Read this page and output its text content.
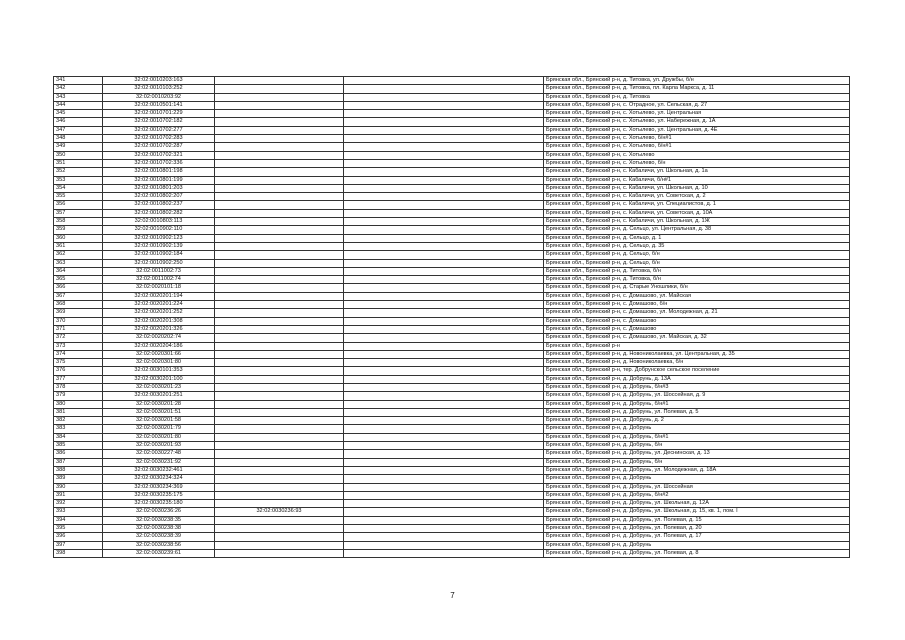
341	32:02:0010203:163			Брянская обл., Брянский р-н, д. Титовка, ул. Дружбы, б/н
342	32:02:0010103:252			Брянская обл., Брянский р-н, д. Титовка, пл. Карла Маркса, д. 11
343	32:02:0010203:92			Брянская обл., Брянский р-н, д. Титовка
344	32:02:0010501:141			Брянская обл., Брянский р-н, с. Отрадное, ул. Сельская, д. 27
345	32:02:0010701:229			Брянская обл., Брянский р-н, с. Хотылево, ул. Центральная
346	32:02:0010702:182			Брянская обл., Брянский р-н, с. Хотылево, ул. Набережная, д. 1А
347	32:02:0010702:277			Брянская обл., Брянский р-н, с. Хотылево, ул. Центральная, д. 4Е
348	32:02:0010702:283			Брянская обл., Брянский р-н, с. Хотылево, б/н#1
349	32:02:0010702:287			Брянская обл., Брянский р-н, с. Хотылево, б/н#1
350	32:02:0010702:321			Брянская обл., Брянский р-н, с. Хотылево
351	32:02:0010702:336			Брянская обл., Брянский р-н, с. Хотылево, б/н
352	32:02:0010801:198			Брянская обл., Брянский р-н, с. Кабаличи, ул. Школьная, д. 1а
353	32:02:0010801:199			Брянская обл., Брянский р-н, с. Кабаличи, б/н#1
354	32:02:0010801:203			Брянская обл., Брянский р-н, с. Кабаличи, ул. Школьная, д. 10
355	32:02:0010802:207			Брянская обл., Брянский р-н, с. Кабаличи, ул. Советская, д. 2
356	32:02:0010802:237			Брянская обл., Брянский р-н, с. Кабаличи, ул. Специалистов, д. 1
357	32:02:0010802:282			Брянская обл., Брянский р-н, с. Кабаличи, ул. Советская, д. 10А
358	32:02:0010803:113			Брянская обл., Брянский р-н, с. Кабаличи, ул. Школьная, д. 1Ж
359	32:02:0010902:110			Брянская обл., Брянский р-н, д. Сельцо, ул. Центральная, д. 38
360	32:02:0010902:123			Брянская обл., Брянский р-н, д. Сельцо, д. 1
361	32:02:0010902:139			Брянская обл., Брянский р-н, д. Сельцо, д. 35
362	32:02:0010902:184			Брянская обл., Брянский р-н, д. Сельцо, б/н
363	32:02:0010902:250			Брянская обл., Брянский р-н, д. Сельцо, б/н
364	32:02:0011002:73			Брянская обл., Брянский р-н, д. Титовка, б/н
365	32:02:0011002:74			Брянская обл., Брянский р-н, д. Титовка, б/н
366	32:02:0020101:18			Брянская обл., Брянский р-н, д. Старые Уношлики, б/н
367	32:02:0020201:194			Брянская обл., Брянский р-н, с. Домашово, ул. Майская
368	32:02:0020201:224			Брянская обл., Брянский р-н, с. Домашово, б/н
369	32:02:0020201:252			Брянская обл., Брянский р-н, с. Домашово, ул. Молодежная, д. 21
370	32:02:0020201:308			Брянская обл., Брянский р-н, с. Домашово
371	32:02:0020201:326			Брянская обл., Брянский р-н, с. Домашово
372	32:02:0020202:74			Брянская обл., Брянский р-н, с. Домашово, ул. Майская, д. 32
373	32:02:0020204:186			Брянская обл., Брянский р-н
374	32:02:0020301:66			Брянская обл., Брянский р-н, д. Новониколаевка, ул. Центральная, д. 35
375	32:02:0020301:80			Брянская обл., Брянский р-н, д. Новониколаевка, б/н
376	32:02:0030101:353			Брянская обл., Брянский р-н, тер. Добрунское сельское поселение
377	32:02:0030201:100			Брянская обл., Брянский р-н, д. Добрунь, д. 13А
378	32:02:0030201:23			Брянская обл., Брянский р-н, д. Добрунь, б/н#3
379	32:02:0030201:251			Брянская обл., Брянский р-н, д. Добрунь, ул. Шоссейная, д. 9
380	32:02:0030201:28			Брянская обл., Брянский р-н, д. Добрунь, б/н#1
381	32:02:0030201:51			Брянская обл., Брянский р-н, д. Добрунь, ул. Полевая, д. 5
382	32:02:0030201:58			Брянская обл., Брянский р-н, д. Добрунь, д. 2
383	32:02:0030201:79			Брянская обл., Брянский р-н, д. Добрунь
384	32:02:0030201:80			Брянская обл., Брянский р-н, д. Добрунь, б/н#1
385	32:02:0030201:93			Брянская обл., Брянский р-н, д. Добрунь, б/н
386	32:02:0030227:48			Брянская обл., Брянский р-н, д. Добрунь, ул. Деснинская, д. 13
387	32:02:0030231:92			Брянская обл., Брянский р-н, д. Добрунь, б/н
388	32:02:0030232:461			Брянская обл., Брянский р-н, д. Добрунь, ул. Молодежная, д. 18А
389	32:02:0030234:324			Брянская обл., Брянский р-н, д. Добрунь
390	32:02:0030234:369			Брянская обл., Брянский р-н, д. Добрунь, ул. Шоссейная
391	32:02:0030235:175			Брянская обл., Брянский р-н, д. Добрунь, б/н#2
392	32:02:0030235:180			Брянская обл., Брянский р-н, д. Добрунь, ул. Школьная, д. 12А
393	32:02:0030236:26	32:02:0030236:93		Брянская обл., Брянский р-н, д. Добрунь, ул. Школьная, д. 15, кв. 1, пом. I
394	32:02:0030238:35			Брянская обл., Брянский р-н, д. Добрунь, ул. Полевая, д. 15
395	32:02:0030238:38			Брянская обл., Брянский р-н, д. Добрунь, ул. Полевая, д. 20
396	32:02:0030238:39			Брянская обл., Брянский р-н, д. Добрунь, ул. Полевая, д. 17
397	32:02:0030238:56			Брянская обл., Брянский р-н, д. Добрунь
398	32:02:0030239:61			Брянская обл., Брянский р-н, д. Добрунь, ул. Полевая, д. 8
7
